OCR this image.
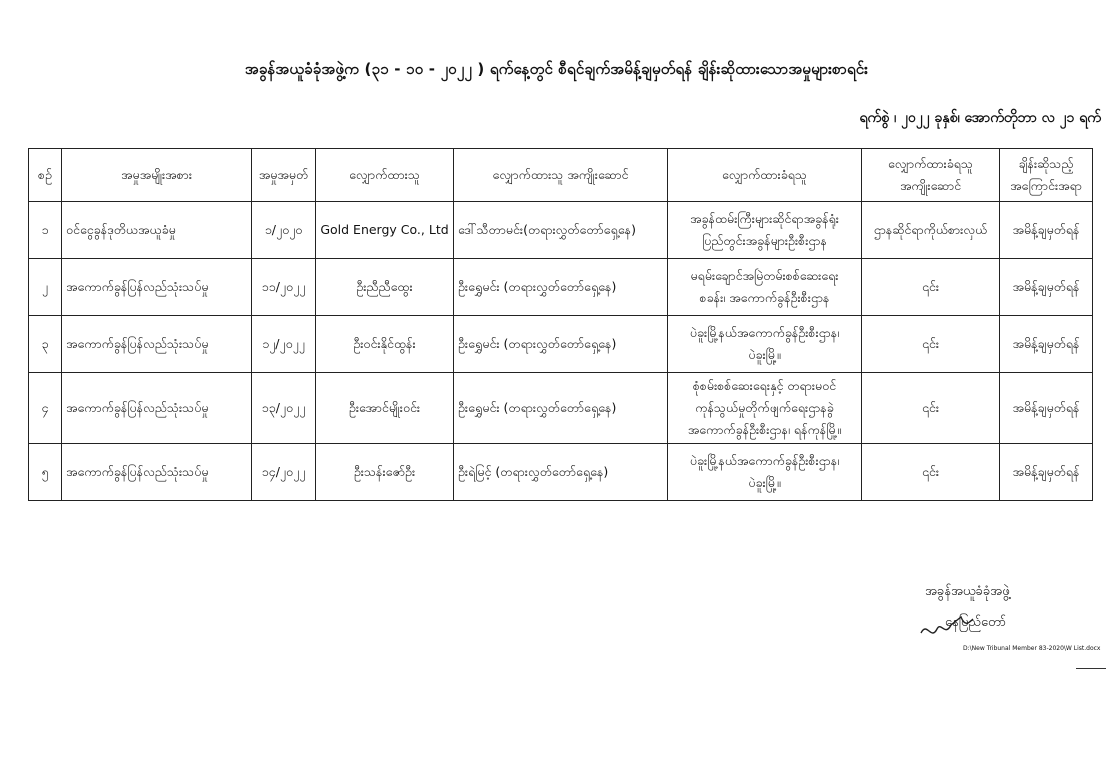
အခွန်အယူခံခုံအဖွဲ့က (၃၁ - ၁၀ - ၂၀၂၂ ) ရက်နေ့တွင် စီရင်ချက်အမိန့်ချမှတ်ရန် ချိန်းဆိုထားသောအမှုများစာရင်း
ရက်စွဲ ၊ ၂၀၂၂ ခုနှစ်၊ အောက်တိုဘာ လ ၂၁ ရက်
စဉ်	အမှုအမျိုးအစား	အမှုအမှတ်	လျှောက်ထားသူ	လျှောက်ထားသူ အကျိုးဆောင်	လျှောက်ထားခံရသူ	လျှောက်ထားခံရသူ အကျိုးဆောင်	ချိန်းဆိုသည့် အကြောင်းအရာ
၁	ဝင်ငွေခွန်ဒုတိယအယူခံမှု	၁/၂၀၂၀	Gold Energy Co., Ltd	ဒေါ်သီတာမင်း(တရားလွှတ်တော်ရှေ့နေ)	အခွန်ထမ်းကြီးများဆိုင်ရာအခွန်ရုံး
ပြည်တွင်းအခွန်များဦးစီးဌာန	ဌာနဆိုင်ရာကိုယ်စားလှယ်	အမိန့်ချမှတ်ရန်
၂	အကောက်ခွန်ပြန်လည်သုံးသပ်မှု	၁၁/၂၀၂၂	ဦးညီညီထွေး	ဦးရွှေမင်း (တရားလွှတ်တော်ရှေ့နေ)	မရမ်းချောင်အမြဲတမ်းစစ်ဆေးရေး
စခန်း၊ အကောက်ခွန်ဦးစီးဌာန	၎င်း	အမိန့်ချမှတ်ရန်
၃	အကောက်ခွန်ပြန်လည်သုံးသပ်မှု	၁၂/၂၀၂၂	ဦးဝင်းနိုင်ထွန်း	ဦးရွှေမင်း (တရားလွှတ်တော်ရှေ့နေ)	ပဲခူးမြို့နယ်အကောက်ခွန်ဦးစီးဌာန၊
ပဲခူးမြို့။	၎င်း	အမိန့်ချမှတ်ရန်
၄	အကောက်ခွန်ပြန်လည်သုံးသပ်မှု	၁၃/၂၀၂၂	ဦးအောင်မျိုးဝင်း	ဦးရွှေမင်း (တရားလွှတ်တော်ရှေ့နေ)	စုံစမ်းစစ်ဆေးရေးနှင့် တရားမဝင်
ကုန်သွယ်မှုတိုက်ဖျက်ရေးဌာနခွဲ
အကောက်ခွန်ဦးစီးဌာန၊ ရန်ကုန်မြို့။	၎င်း	အမိန့်ချမှတ်ရန်
၅	အကောက်ခွန်ပြန်လည်သုံးသပ်မှု	၁၄/၂၀၂၂	ဦးသန်းဇော်ဦး	ဦးရဲမြင့် (တရားလွှတ်တော်ရှေ့နေ)	ပဲခူးမြို့နယ်အကောက်ခွန်ဦးစီးဌာန၊
ပဲခူးမြို့။	၎င်း	အမိန့်ချမှတ်ရန်
အခွန်အယူခံခုံအဖွဲ့
နေပြည်တော်
D:\New Tribunal Member 83-2020\W List.docx
